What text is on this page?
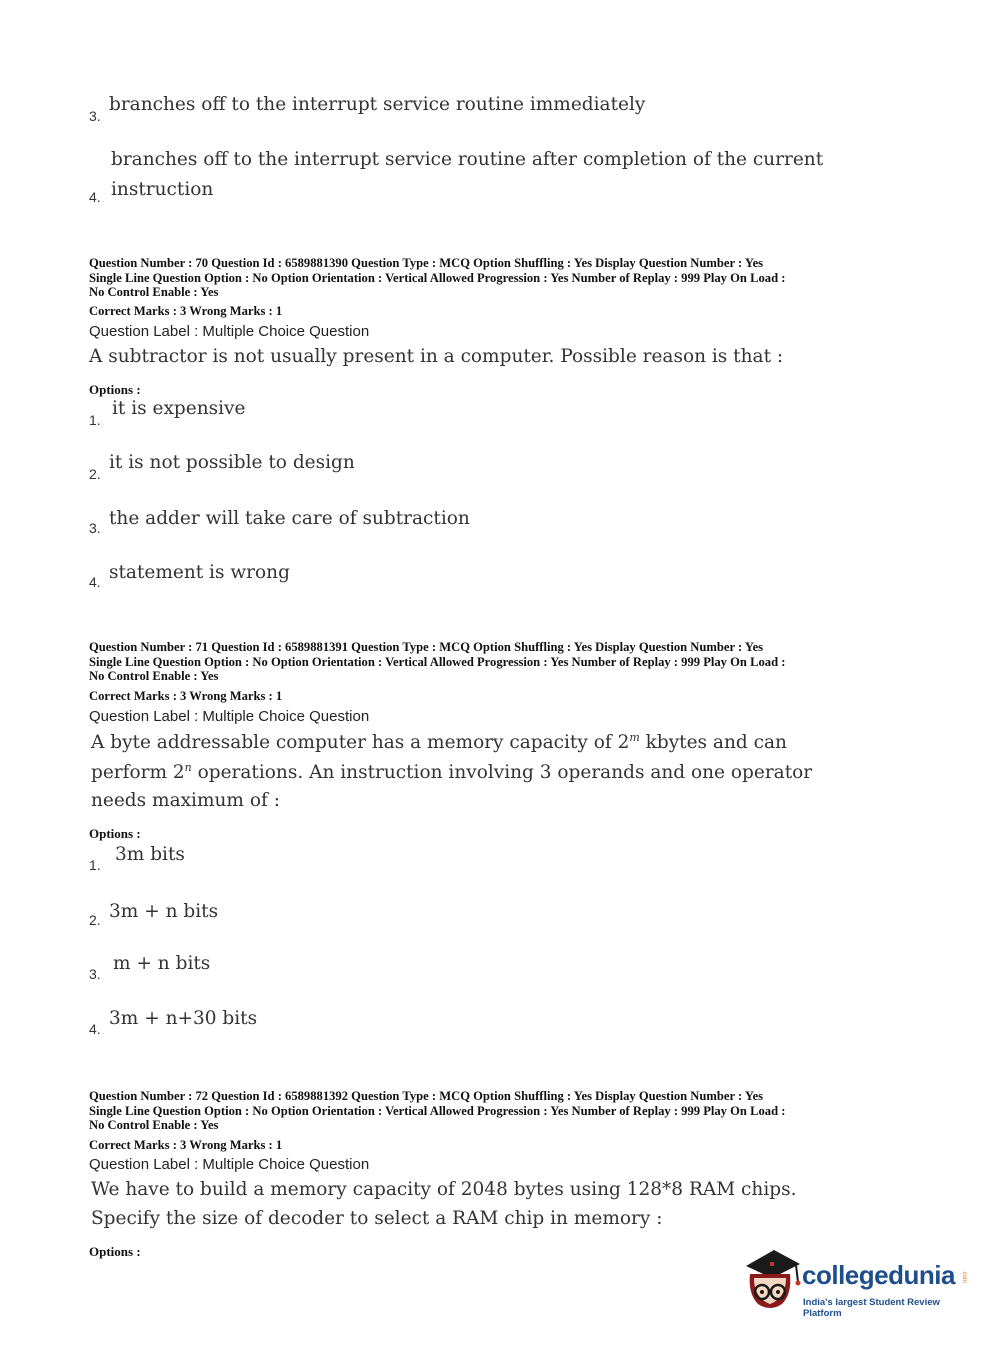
3.
branches off to the interrupt service routine immediately
4.
branches off to the interrupt service routine after completion of the current
instruction
Question Number : 70 Question Id : 6589881390 Question Type : MCQ Option Shuffling : Yes Display Question Number : Yes
Single Line Question Option : No Option Orientation : Vertical Allowed Progression : Yes Number of Replay : 999 Play On Load :
No Control Enable : Yes
Correct Marks : 3 Wrong Marks : 1
Question Label : Multiple Choice Question
A subtractor is not usually present in a computer. Possible reason is that :
Options :
1.
it is expensive
2.
it is not possible to design
3. the adder will take care of subtraction
4. statement is wrong
Question Number : 71 Question Id : 6589881391 Question Type : MCQ Option Shuffling : Yes Display Question Number : Yes
Single Line Question Option : No Option Orientation : Vertical Allowed Progression : Yes Number of Replay : 999 Play On Load :
No Control Enable : Yes
Correct Marks : 3 Wrong Marks : 1
Question Label : Multiple Choice Question
A byte addressable computer has a memory capacity of 2$^m$ kbytes and can
perform 2$^n$ operations. An instruction involving 3 operands and one operator
needs maximum of :
Options :
1. 3m bits
2. 3m + n bits
3. m + n bits
4. 3m + n+30 bits
Question Number : 72 Question Id : 6589881392 Question Type : MCQ Option Shuffling : Yes Display Question Number : Yes
Single Line Question Option : No Option Orientation : Vertical Allowed Progression : Yes Number of Replay : 999 Play On Load :
No Control Enable : Yes
Correct Marks : 3 Wrong Marks : 1
Question Label : Multiple Choice Question
We have to build a memory capacity of 2048 bytes using 128*8 RAM chips.
Specify the size of decoder to select a RAM chip in memory :
Options :
collegedunia .com
India's largest Student Review Platform
